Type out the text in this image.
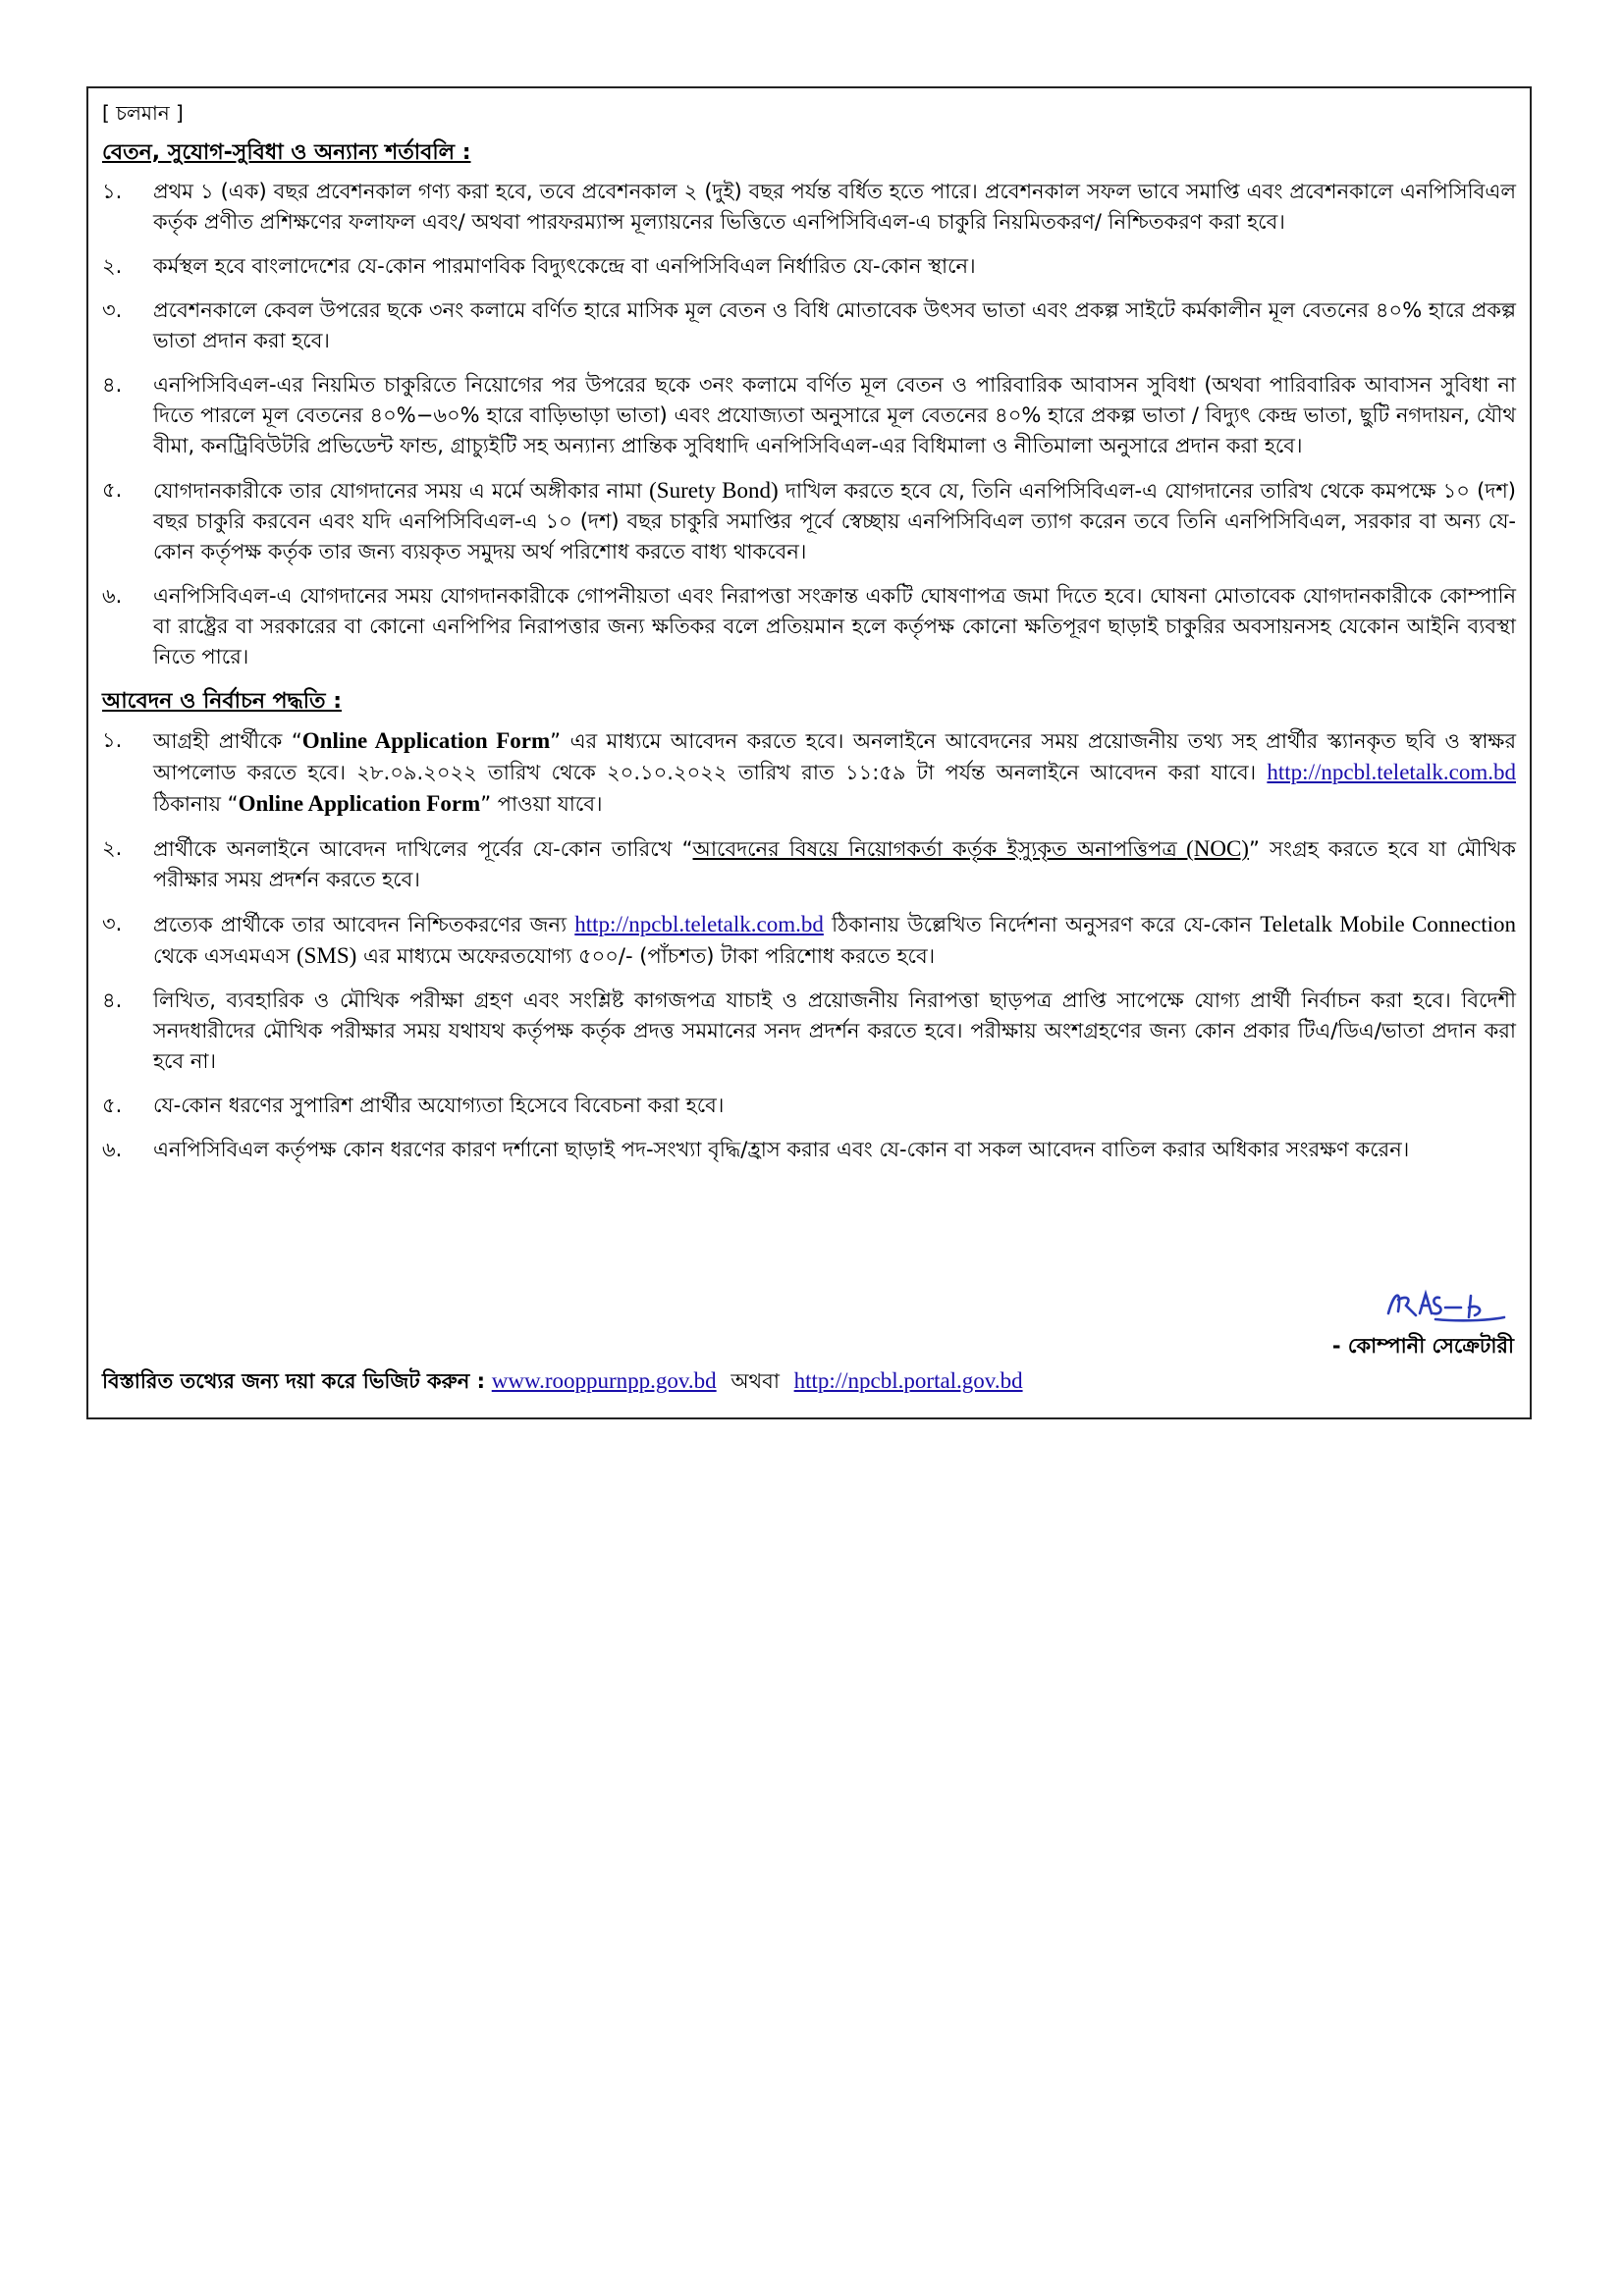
[ চলমান ]
বেতন, সুযোগ-সুবিধা ও অন্যান্য শর্তাবলি :
১.	প্রথম ১ (এক) বছর প্রবেশনকাল গণ্য করা হবে, তবে প্রবেশনকাল ২ (দুই) বছর পর্যন্ত বর্ধিত হতে পারে। প্রবেশনকাল সফল ভাবে সমাপ্তি এবং প্রবেশনকালে এনপিসিবিএল কর্তৃক প্রণীত প্রশিক্ষণের ফলাফল এবং/ অথবা পারফরম্যান্স মূল্যায়নের ভিত্তিতে এনপিসিবিএল-এ চাকুরি নিয়মিতকরণ/ নিশ্চিতকরণ করা হবে।
২.	কর্মস্থল হবে বাংলাদেশের যে-কোন পারমাণবিক বিদ্যুৎকেন্দ্রে বা এনপিসিবিএল নির্ধারিত যে-কোন স্থানে।
৩.	প্রবেশনকালে কেবল উপরের ছকে ৩নং কলামে বর্ণিত হারে মাসিক মূল বেতন ও বিধি মোতাবেক উৎসব ভাতা এবং প্রকল্প সাইটে কর্মকালীন মূল বেতনের ৪০% হারে প্রকল্প ভাতা প্রদান করা হবে।
৪.	এনপিসিবিএল-এর নিয়মিত চাকুরিতে নিয়োগের পর উপরের ছকে ৩নং কলামে বর্ণিত মূল বেতন ও পারিবারিক আবাসন সুবিধা (অথবা পারিবারিক আবাসন সুবিধা না দিতে পারলে মূল বেতনের ৪০%−৬০% হারে বাড়িভাড়া ভাতা) এবং প্রযোজ্যতা অনুসারে মূল বেতনের ৪০% হারে প্রকল্প ভাতা / বিদ্যুৎ কেন্দ্র ভাতা, ছুটি নগদায়ন, যৌথ বীমা, কনট্রিবিউটরি প্রভিডেন্ট ফান্ড, গ্রাচ্যুইটি সহ অন্যান্য প্রান্তিক সুবিধাদি এনপিসিবিএল-এর বিধিমালা ও নীতিমালা অনুসারে প্রদান করা হবে।
৫.	যোগদানকারীকে তার যোগদানের সময় এ মর্মে অঙ্গীকার নামা (Surety Bond) দাখিল করতে হবে যে, তিনি এনপিসিবিএল-এ যোগদানের তারিখ থেকে কমপক্ষে ১০ (দশ) বছর চাকুরি করবেন এবং যদি এনপিসিবিএল-এ ১০ (দশ) বছর চাকুরি সমাপ্তির পূর্বে স্বেচ্ছায় এনপিসিবিএল ত্যাগ করেন তবে তিনি এনপিসিবিএল, সরকার বা অন্য যে-কোন কর্তৃপক্ষ কর্তৃক তার জন্য ব্যয়কৃত সমুদয় অর্থ পরিশোধ করতে বাধ্য থাকবেন।
৬.	এনপিসিবিএল-এ যোগদানের সময় যোগদানকারীকে গোপনীয়তা এবং নিরাপত্তা সংক্রান্ত একটি ঘোষণাপত্র জমা দিতে হবে। ঘোষনা মোতাবেক যোগদানকারীকে কোম্পানি বা রাষ্ট্রের বা সরকারের বা কোনো এনপিপির নিরাপত্তার জন্য ক্ষতিকর বলে প্রতিয়মান হলে কর্তৃপক্ষ কোনো ক্ষতিপূরণ ছাড়াই চাকুরির অবসায়নসহ যেকোন আইনি ব্যবস্থা নিতে পারে।
আবেদন ও নির্বাচন পদ্ধতি :
১.	আগ্রহী প্রার্থীকে “Online Application Form” এর মাধ্যমে আবেদন করতে হবে। অনলাইনে আবেদনের সময় প্রয়োজনীয় তথ্য সহ প্রার্থীর স্ক্যানকৃত ছবি ও স্বাক্ষর আপলোড করতে হবে। ২৮.০৯.২০২২ তারিখ থেকে ২০.১০.২০২২ তারিখ রাত ১১:৫৯ টা পর্যন্ত অনলাইনে আবেদন করা যাবে। http://npcbl.teletalk.com.bd ঠিকানায় “Online Application Form” পাওয়া যাবে।
২.	প্রার্থীকে অনলাইনে আবেদন দাখিলের পূর্বের যে-কোন তারিখে “আবেদনের বিষয়ে নিয়োগকর্তা কর্তৃক ইস্যুকৃত অনাপত্তিপত্র (NOC)” সংগ্রহ করতে হবে যা মৌখিক পরীক্ষার সময় প্রদর্শন করতে হবে।
৩.	প্রত্যেক প্রার্থীকে তার আবেদন নিশ্চিতকরণের জন্য http://npcbl.teletalk.com.bd ঠিকানায় উল্লেখিত নির্দেশনা অনুসরণ করে যে-কোন Teletalk Mobile Connection থেকে এসএমএস (SMS) এর মাধ্যমে অফেরতযোগ্য ৫০০/- (পাঁচশত) টাকা পরিশোধ করতে হবে।
৪.	লিখিত, ব্যবহারিক ও মৌখিক পরীক্ষা গ্রহণ এবং সংশ্লিষ্ট কাগজপত্র যাচাই ও প্রয়োজনীয় নিরাপত্তা ছাড়পত্র প্রাপ্তি সাপেক্ষে যোগ্য প্রার্থী নির্বাচন করা হবে। বিদেশী সনদধারীদের মৌখিক পরীক্ষার সময় যথাযথ কর্তৃপক্ষ কর্তৃক প্রদত্ত সমমানের সনদ প্রদর্শন করতে হবে। পরীক্ষায় অংশগ্রহণের জন্য কোন প্রকার টিএ/ডিএ/ভাতা প্রদান করা হবে না।
৫.	যে-কোন ধরণের সুপারিশ প্রার্থীর অযোগ্যতা হিসেবে বিবেচনা করা হবে।
৬.	এনপিসিবিএল কর্তৃপক্ষ কোন ধরণের কারণ দর্শানো ছাড়াই পদ-সংখ্যা বৃদ্ধি/হ্রাস করার এবং যে-কোন বা সকল আবেদন বাতিল করার অধিকার সংরক্ষণ করেন।
- কোম্পানী সেক্রেটারী
বিস্তারিত তথ্যের জন্য দয়া করে ভিজিট করুন : www.rooppurnpp.gov.bd অথবা http://npcbl.portal.gov.bd
